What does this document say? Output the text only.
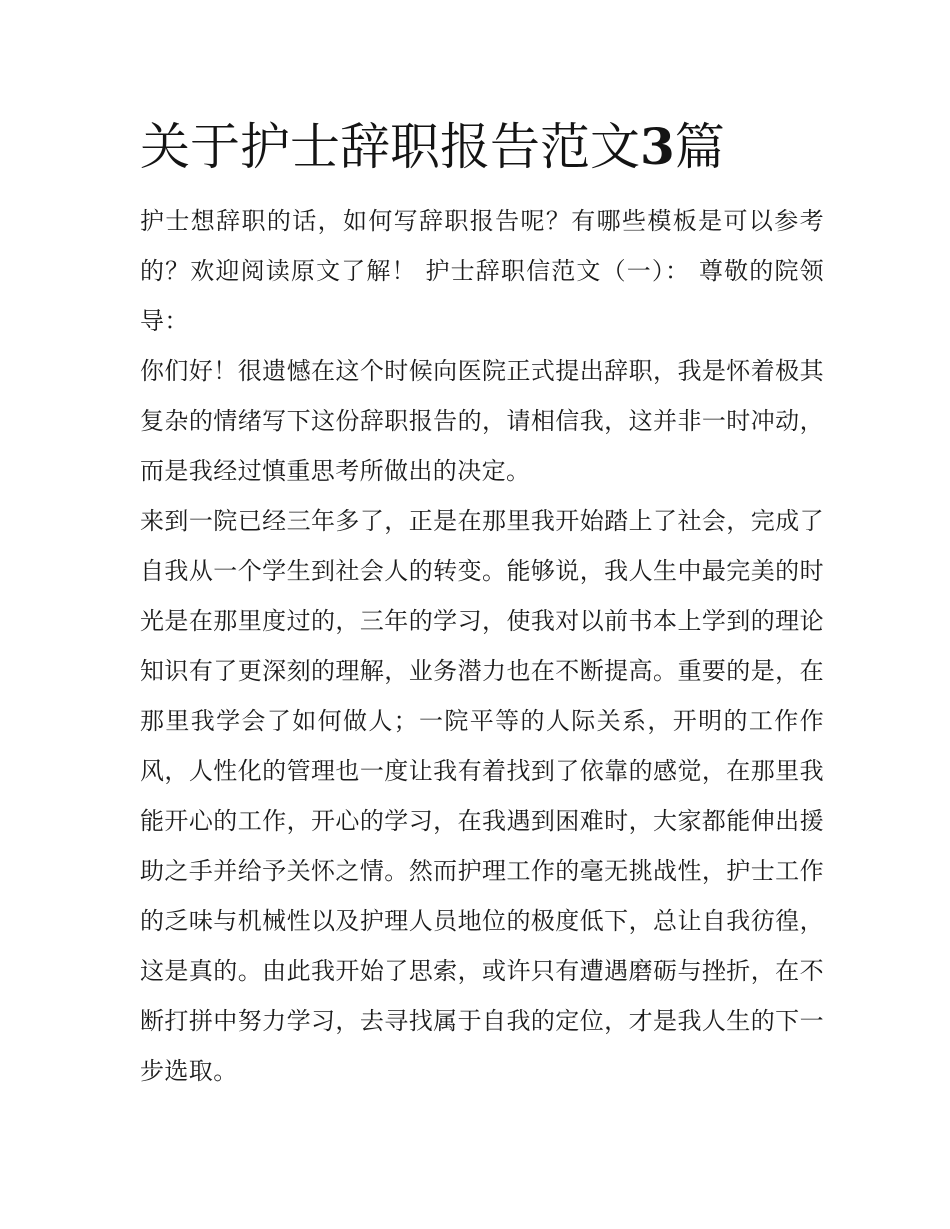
关于护士辞职报告范文3篇

护士想辞职的话，如何写辞职报告呢？有哪些模板是可以参考的？欢迎阅读原文了解！ 护士辞职信范文（一）： 尊敬的院领导：

你们好！很遗憾在这个时候向医院正式提出辞职，我是怀着极其复杂的情绪写下这份辞职报告的，请相信我，这并非一时冲动，而是我经过慎重思考所做出的决定。

来到一院已经三年多了，正是在那里我开始踏上了社会，完成了自我从一个学生到社会人的转变。能够说，我人生中最完美的时光是在那里度过的，三年的学习，使我对以前书本上学到的理论知识有了更深刻的理解，业务潜力也在不断提高。重要的是，在那里我学会了如何做人；一院平等的人际关系，开明的工作作风，人性化的管理也一度让我有着找到了依靠的感觉，在那里我能开心的工作，开心的学习，在我遇到困难时，大家都能伸出援助之手并给予关怀之情。然而护理工作的毫无挑战性，护士工作的乏味与机械性以及护理人员地位的极度低下，总让自我彷徨，这是真的。由此我开始了思索，或许只有遭遇磨砺与挫折，在不断打拼中努力学习，去寻找属于自我的定位，才是我人生的下一步选取。
